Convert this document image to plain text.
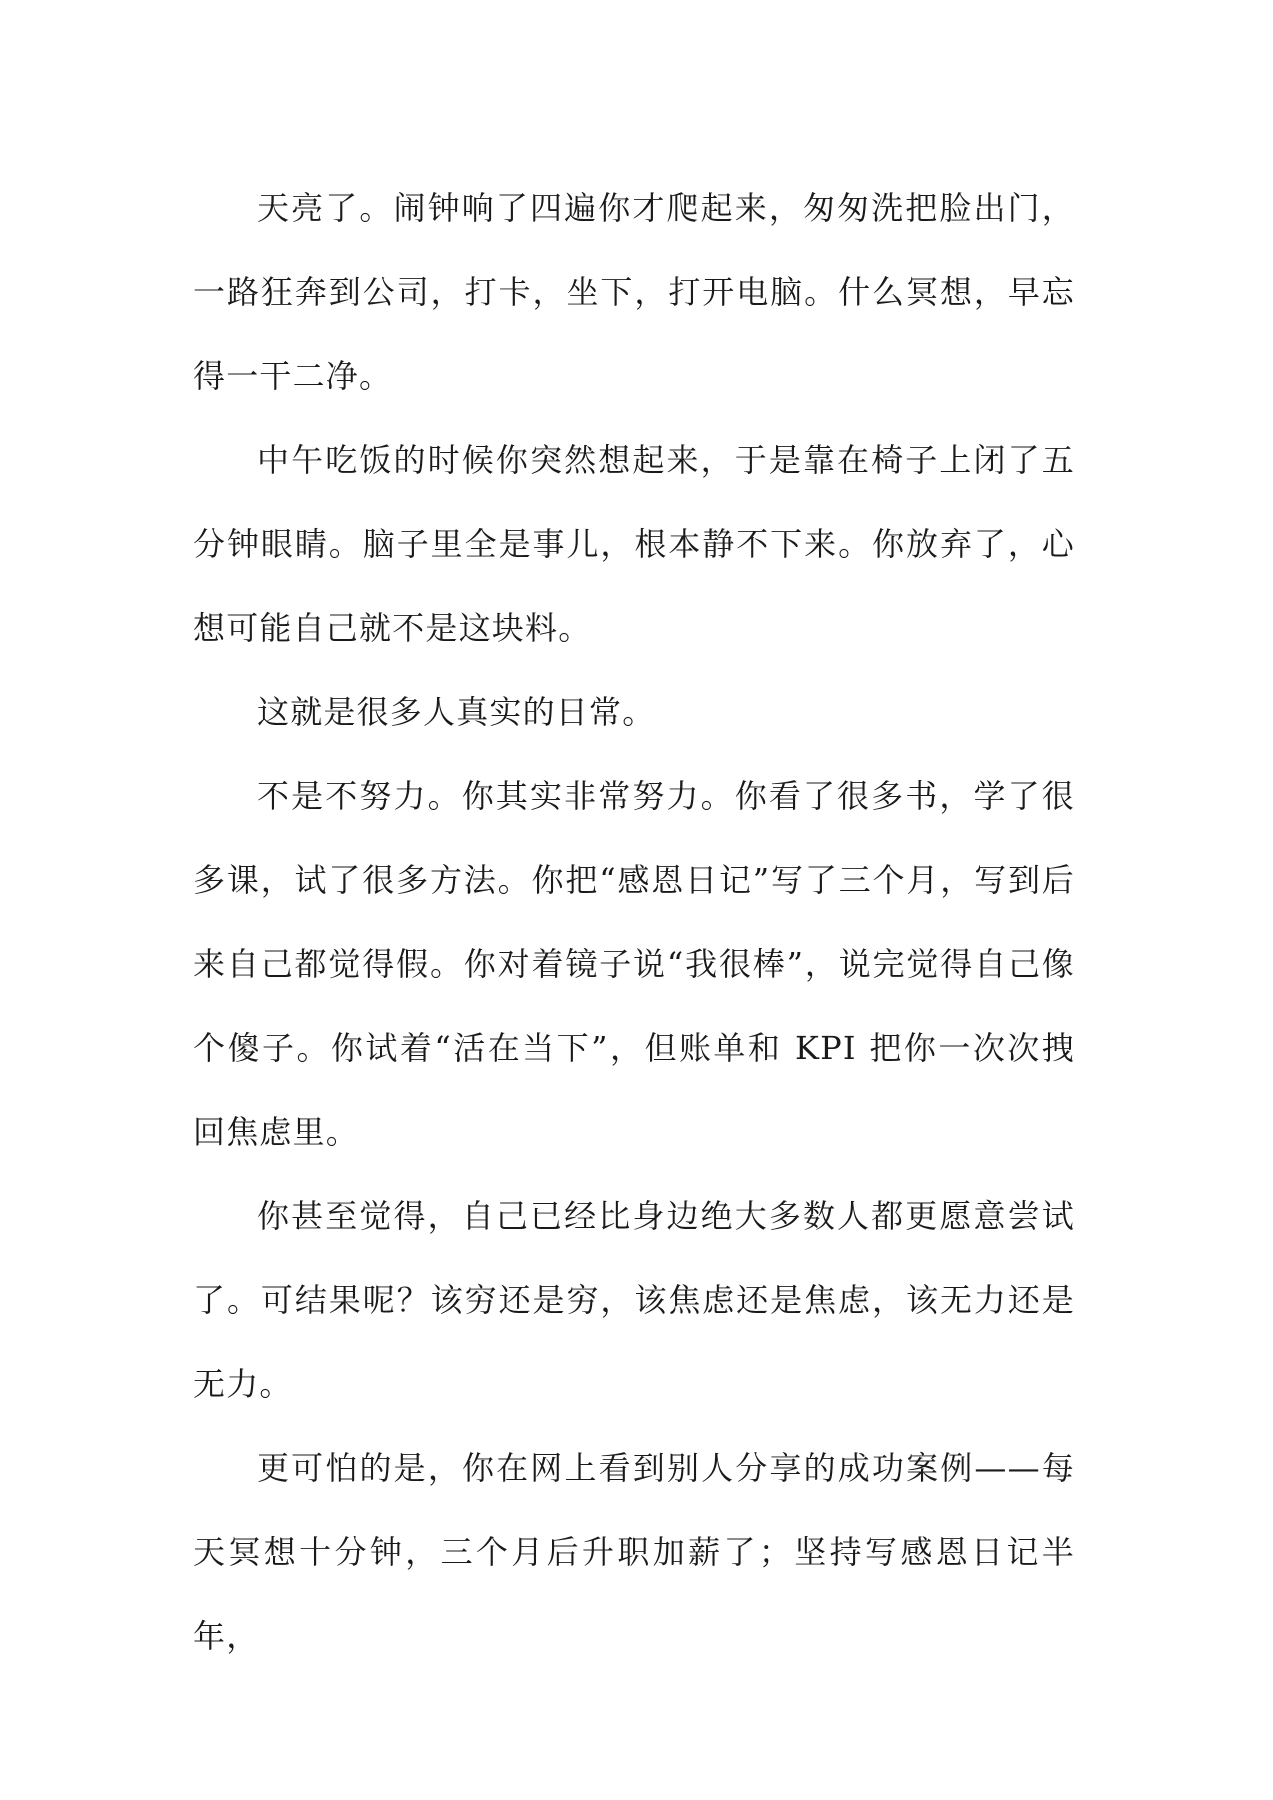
天亮了。闹钟响了四遍你才爬起来，匆匆洗把脸出门，一路狂奔到公司，打卡，坐下，打开电脑。什么冥想，早忘得一干二净。

中午吃饭的时候你突然想起来，于是靠在椅子上闭了五分钟眼睛。脑子里全是事儿，根本静不下来。你放弃了，心想可能自己就不是这块料。

这就是很多人真实的日常。

不是不努力。你其实非常努力。你看了很多书，学了很多课，试了很多方法。你把“感恩日记”写了三个月，写到后来自己都觉得假。你对着镜子说“我很棒”，说完觉得自己像个傻子。你试着“活在当下”，但账单和 KPI 把你一次次拽回焦虑里。

你甚至觉得，自己已经比身边绝大多数人都更愿意尝试了。可结果呢？该穷还是穷，该焦虑还是焦虑，该无力还是无力。

更可怕的是，你在网上看到别人分享的成功案例——每天冥想十分钟，三个月后升职加薪了；坚持写感恩日记半年，
